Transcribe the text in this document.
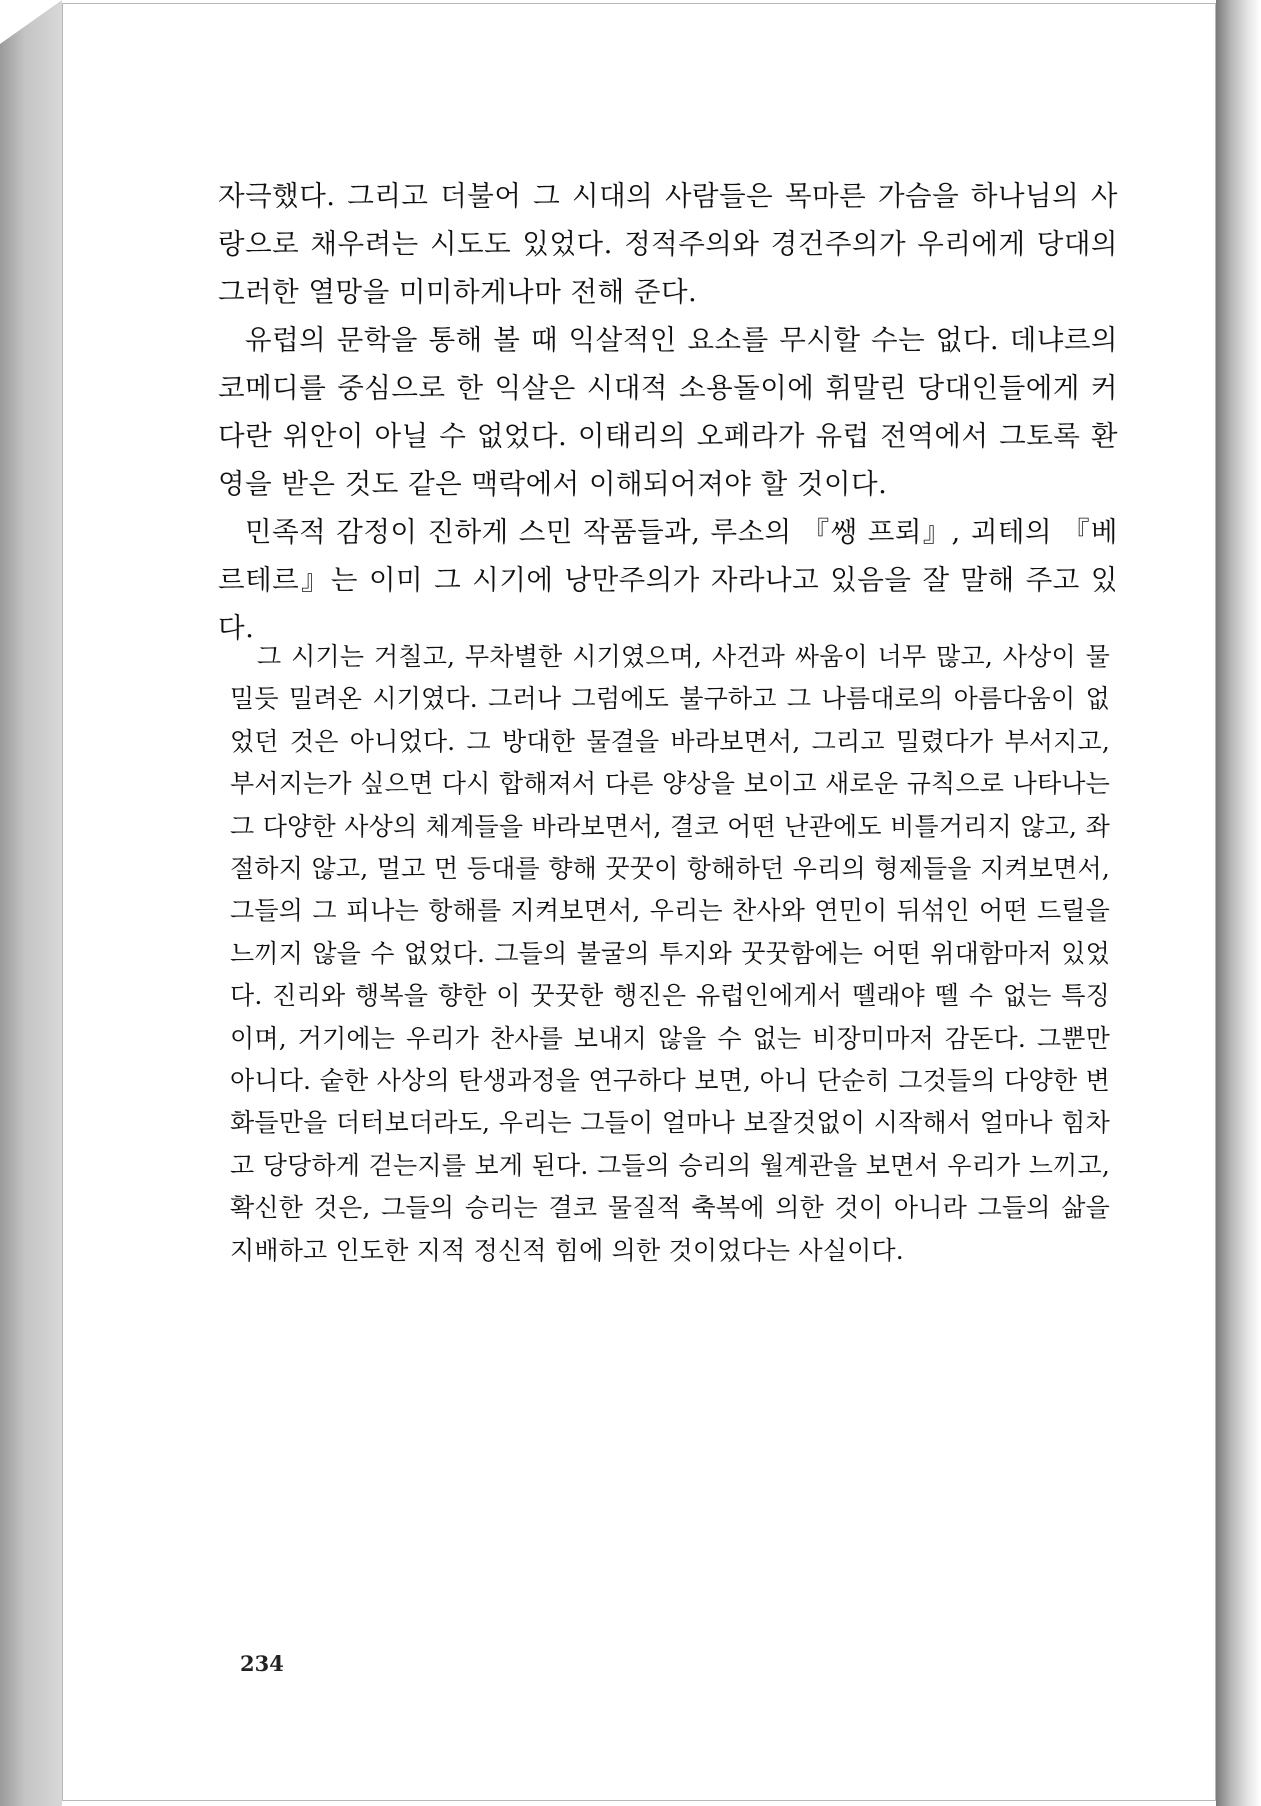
자극했다. 그리고 더불어 그 시대의 사람들은 목마른 가슴을 하나님의 사랑으로 채우려는 시도도 있었다. 정적주의와 경건주의가 우리에게 당대의 그러한 열망을 미미하게나마 전해 준다.

유럽의 문학을 통해 볼 때 익살적인 요소를 무시할 수는 없다. 데냐르의 코메디를 중심으로 한 익살은 시대적 소용돌이에 휘말린 당대인들에게 커다란 위안이 아닐 수 없었다. 이태리의 오페라가 유럽 전역에서 그토록 환영을 받은 것도 같은 맥락에서 이해되어져야 할 것이다.

민족적 감정이 진하게 스민 작품들과, 루소의 『쌩 프뢰』, 괴테의 『베르테르』는 이미 그 시기에 낭만주의가 자라나고 있음을 잘 말해 주고 있다.

그 시기는 거칠고, 무차별한 시기였으며, 사건과 싸움이 너무 많고, 사상이 물밀듯 밀려온 시기였다. 그러나 그럼에도 불구하고 그 나름대로의 아름다움이 없었던 것은 아니었다. 그 방대한 물결을 바라보면서, 그리고 밀렸다가 부서지고, 부서지는가 싶으면 다시 합해져서 다른 양상을 보이고 새로운 규칙으로 나타나는 그 다양한 사상의 체계들을 바라보면서, 결코 어떤 난관에도 비틀거리지 않고, 좌절하지 않고, 멀고 먼 등대를 향해 꿋꿋이 항해하던 우리의 형제들을 지켜보면서, 그들의 그 피나는 항해를 지켜보면서, 우리는 찬사와 연민이 뒤섞인 어떤 드릴을 느끼지 않을 수 없었다. 그들의 불굴의 투지와 꿋꿋함에는 어떤 위대함마저 있었다. 진리와 행복을 향한 이 꿋꿋한 행진은 유럽인에게서 뗄래야 뗄 수 없는 특징이며, 거기에는 우리가 찬사를 보내지 않을 수 없는 비장미마저 감돈다. 그뿐만 아니다. 숱한 사상의 탄생과정을 연구하다 보면, 아니 단순히 그것들의 다양한 변화들만을 더터보더라도, 우리는 그들이 얼마나 보잘것없이 시작해서 얼마나 힘차고 당당하게 걷는지를 보게 된다. 그들의 승리의 월계관을 보면서 우리가 느끼고, 확신한 것은, 그들의 승리는 결코 물질적 축복에 의한 것이 아니라 그들의 삶을 지배하고 인도한 지적 정신적 힘에 의한 것이었다는 사실이다.

234
